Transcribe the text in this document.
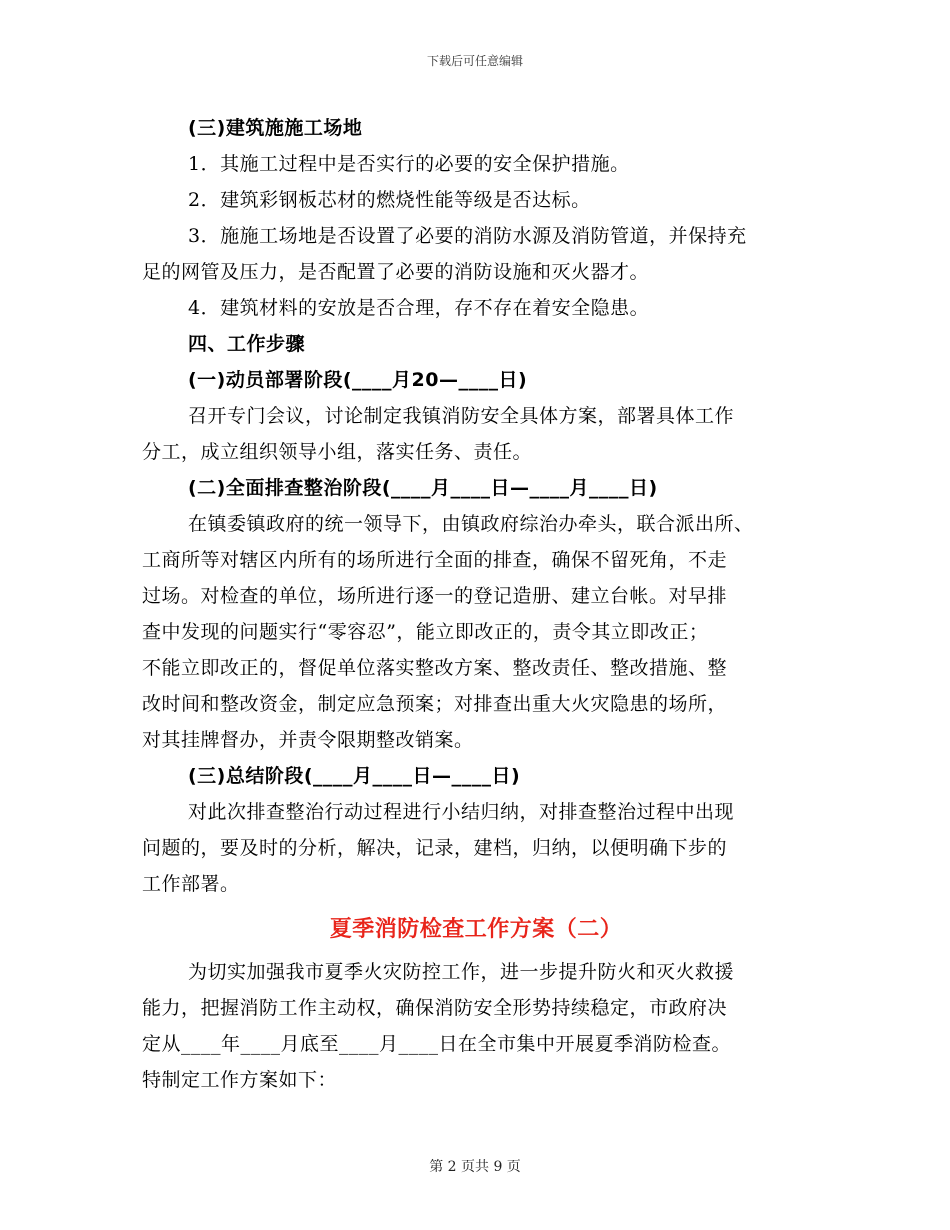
下载后可任意编辑

(三)建筑施施工场地

1．其施工过程中是否实行的必要的安全保护措施。

2．建筑彩钢板芯材的燃烧性能等级是否达标。

3．施施工场地是否设置了必要的消防水源及消防管道，并保持充

足的网管及压力，是否配置了必要的消防设施和灭火器才。

4．建筑材料的安放是否合理，存不存在着安全隐患。

四、工作步骤

(一)动员部署阶段(____月20—____日)

召开专门会议，讨论制定我镇消防安全具体方案，部署具体工作

分工，成立组织领导小组，落实任务、责任。

(二)全面排查整治阶段(____月____日—____月____日)

在镇委镇政府的统一领导下，由镇政府综治办牵头，联合派出所、

工商所等对辖区内所有的场所进行全面的排查，确保不留死角，不走

过场。对检查的单位，场所进行逐一的登记造册、建立台帐。对早排

查中发现的问题实行“零容忍”，能立即改正的，责令其立即改正；

不能立即改正的，督促单位落实整改方案、整改责任、整改措施、整

改时间和整改资金，制定应急预案；对排查出重大火灾隐患的场所，

对其挂牌督办，并责令限期整改销案。

(三)总结阶段(____月____日—____日)

对此次排查整治行动过程进行小结归纳，对排查整治过程中出现

问题的，要及时的分析，解决，记录，建档，归纳，以便明确下步的

工作部署。

夏季消防检查工作方案（二）

为切实加强我市夏季火灾防控工作，进一步提升防火和灭火救援

能力，把握消防工作主动权，确保消防安全形势持续稳定，市政府决

定从____年____月底至____月____日在全市集中开展夏季消防检查。

特制定工作方案如下：

第 2 页共 9 页
